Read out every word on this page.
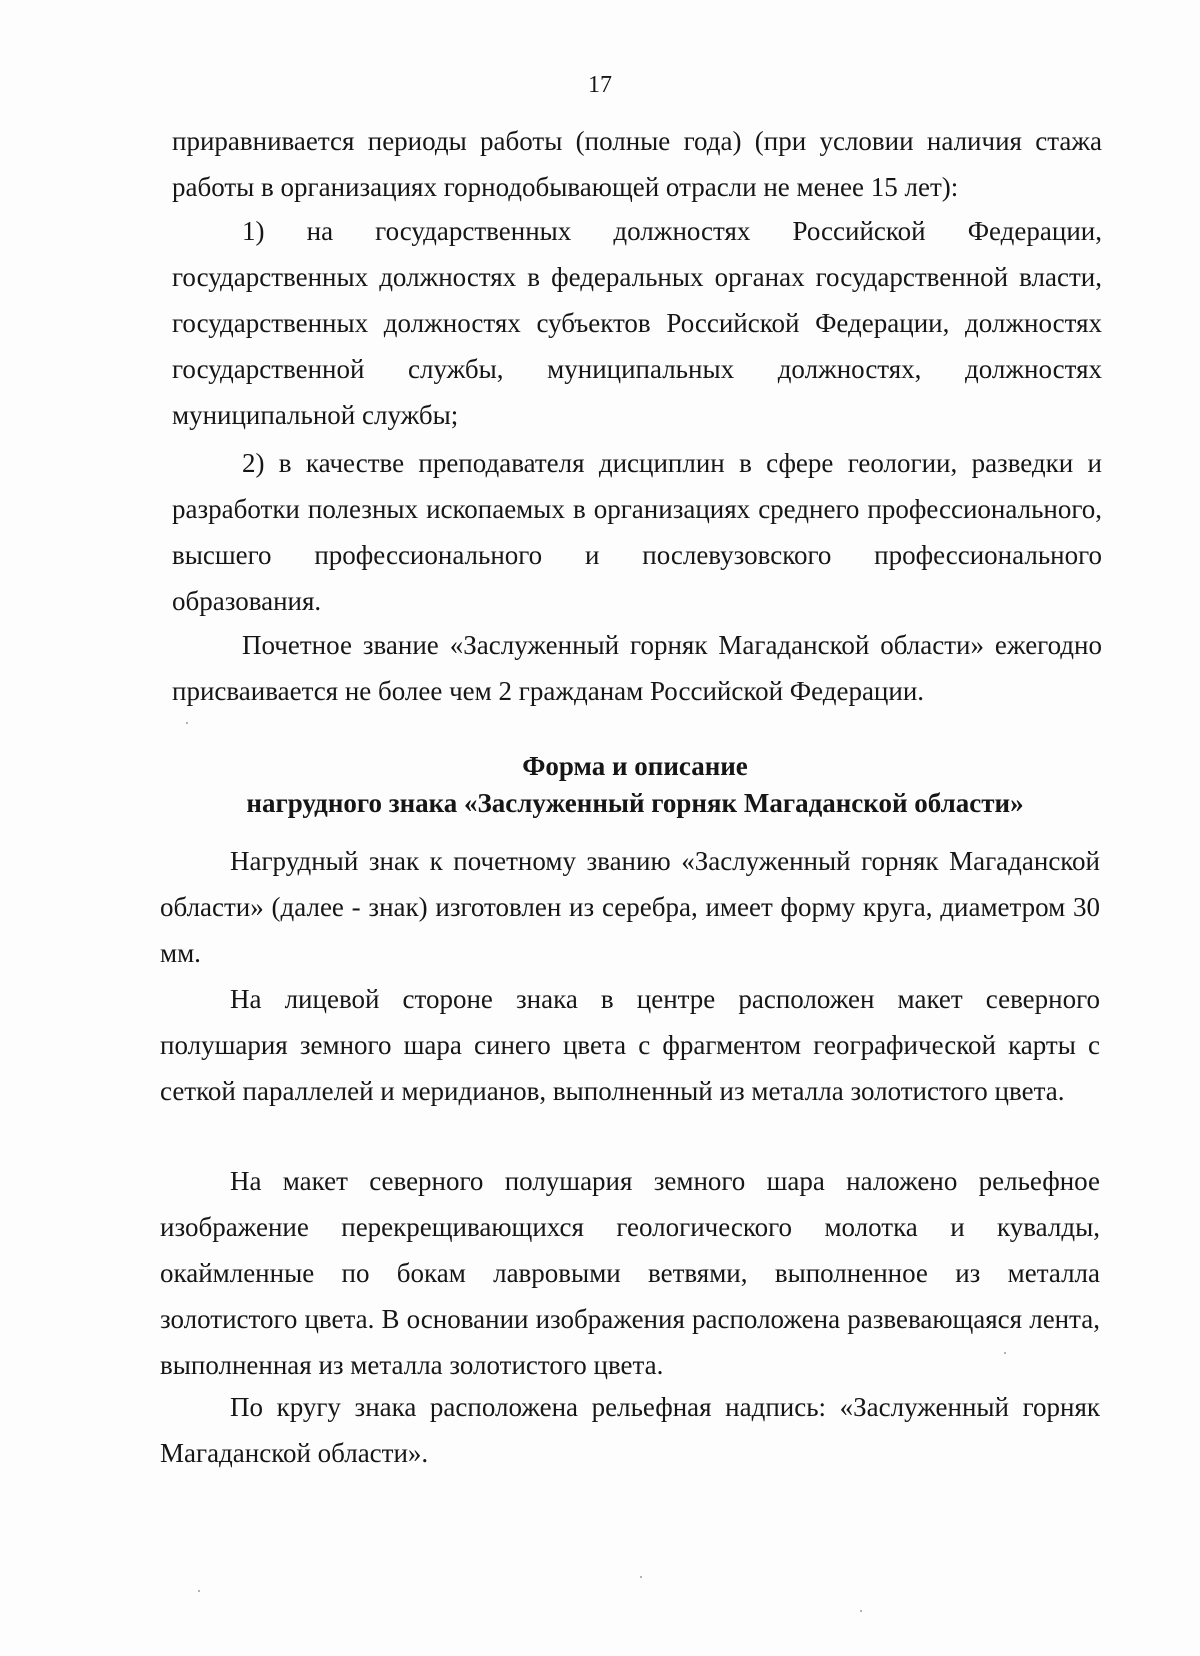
17

приравнивается периоды работы (полные года) (при условии наличия стажа работы в организациях горнодобывающей отрасли не менее 15 лет):

1) на государственных должностях Российской Федерации, государственных должностях в федеральных органах государственной власти, государственных должностях субъектов Российской Федерации, должностях государственной службы, муниципальных должностях, должностях муниципальной службы;

2) в качестве преподавателя дисциплин в сфере геологии, разведки и разработки полезных ископаемых в организациях среднего профессионального, высшего профессионального и послевузовского профессионального образования.

Почетное звание «Заслуженный горняк Магаданской области» ежегодно присваивается не более чем 2 гражданам Российской Федерации.

Форма и описание
нагрудного знака «Заслуженный горняк Магаданской области»

Нагрудный знак к почетному званию «Заслуженный горняк Магаданской области» (далее - знак) изготовлен из серебра, имеет форму круга, диаметром 30 мм.

На лицевой стороне знака в центре расположен макет северного полушария земного шара синего цвета с фрагментом географической карты с сеткой параллелей и меридианов, выполненный из металла золотистого цвета.

На макет северного полушария земного шара наложено рельефное изображение перекрещивающихся геологического молотка и кувалды, окаймленные по бокам лавровыми ветвями, выполненное из металла золотистого цвета. В основании изображения расположена развевающаяся лента, выполненная из металла золотистого цвета.

По кругу знака расположена рельефная надпись: «Заслуженный горняк Магаданской области».
